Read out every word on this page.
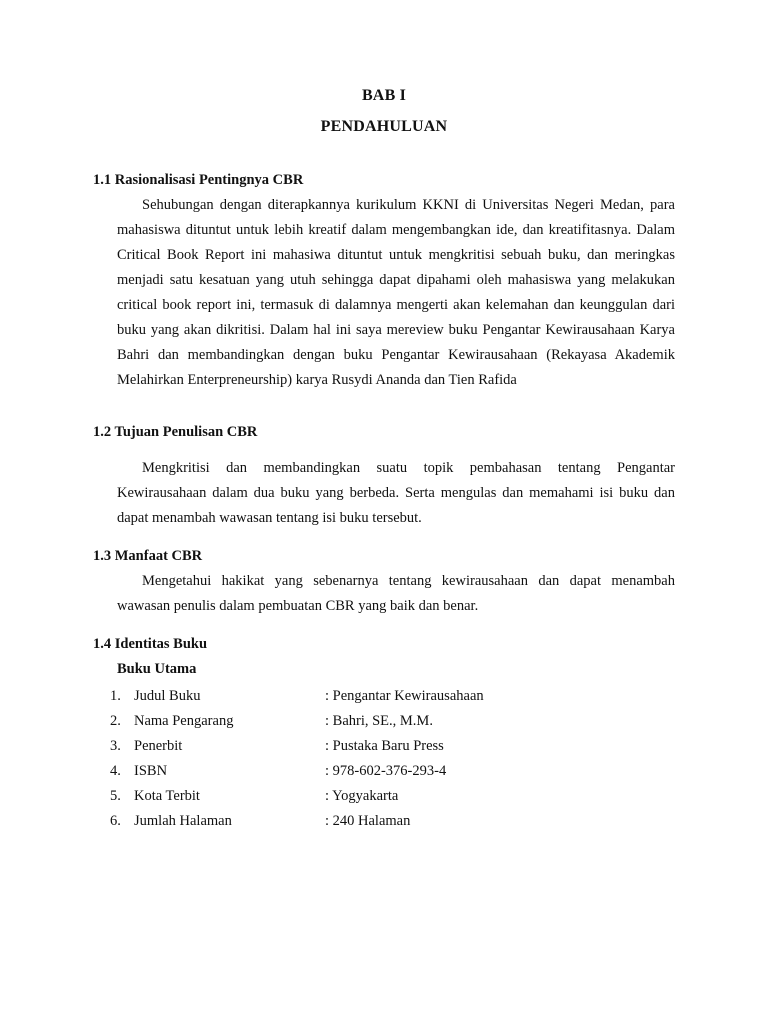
BAB I
PENDAHULUAN
1.1 Rasionalisasi Pentingnya CBR
Sehubungan dengan diterapkannya kurikulum KKNI di Universitas Negeri Medan, para mahasiswa dituntut untuk lebih kreatif dalam mengembangkan ide, dan kreatifitasnya. Dalam Critical Book Report ini mahasiwa dituntut untuk mengkritisi sebuah buku, dan meringkas menjadi satu kesatuan yang utuh sehingga dapat dipahami oleh mahasiswa yang melakukan critical book report ini, termasuk di dalamnya mengerti akan kelemahan dan keunggulan dari buku yang akan dikritisi. Dalam hal ini saya mereview buku Pengantar Kewirausahaan Karya Bahri dan membandingkan dengan buku Pengantar Kewirausahaan (Rekayasa Akademik Melahirkan Enterpreneurship) karya Rusydi Ananda dan Tien Rafida
1.2 Tujuan Penulisan CBR
Mengkritisi dan membandingkan suatu topik pembahasan tentang Pengantar Kewirausahaan dalam dua buku yang berbeda. Serta mengulas dan memahami isi buku dan dapat menambah wawasan tentang isi buku tersebut.
1.3 Manfaat CBR
Mengetahui hakikat yang sebenarnya tentang kewirausahaan dan dapat menambah wawasan penulis dalam pembuatan CBR yang baik dan benar.
1.4 Identitas Buku
Buku Utama
1. Judul Buku	: Pengantar Kewirausahaan
2. Nama Pengarang	: Bahri, SE., M.M.
3. Penerbit	: Pustaka Baru Press
4. ISBN	: 978-602-376-293-4
5. Kota Terbit	: Yogyakarta
6. Jumlah Halaman	: 240 Halaman
